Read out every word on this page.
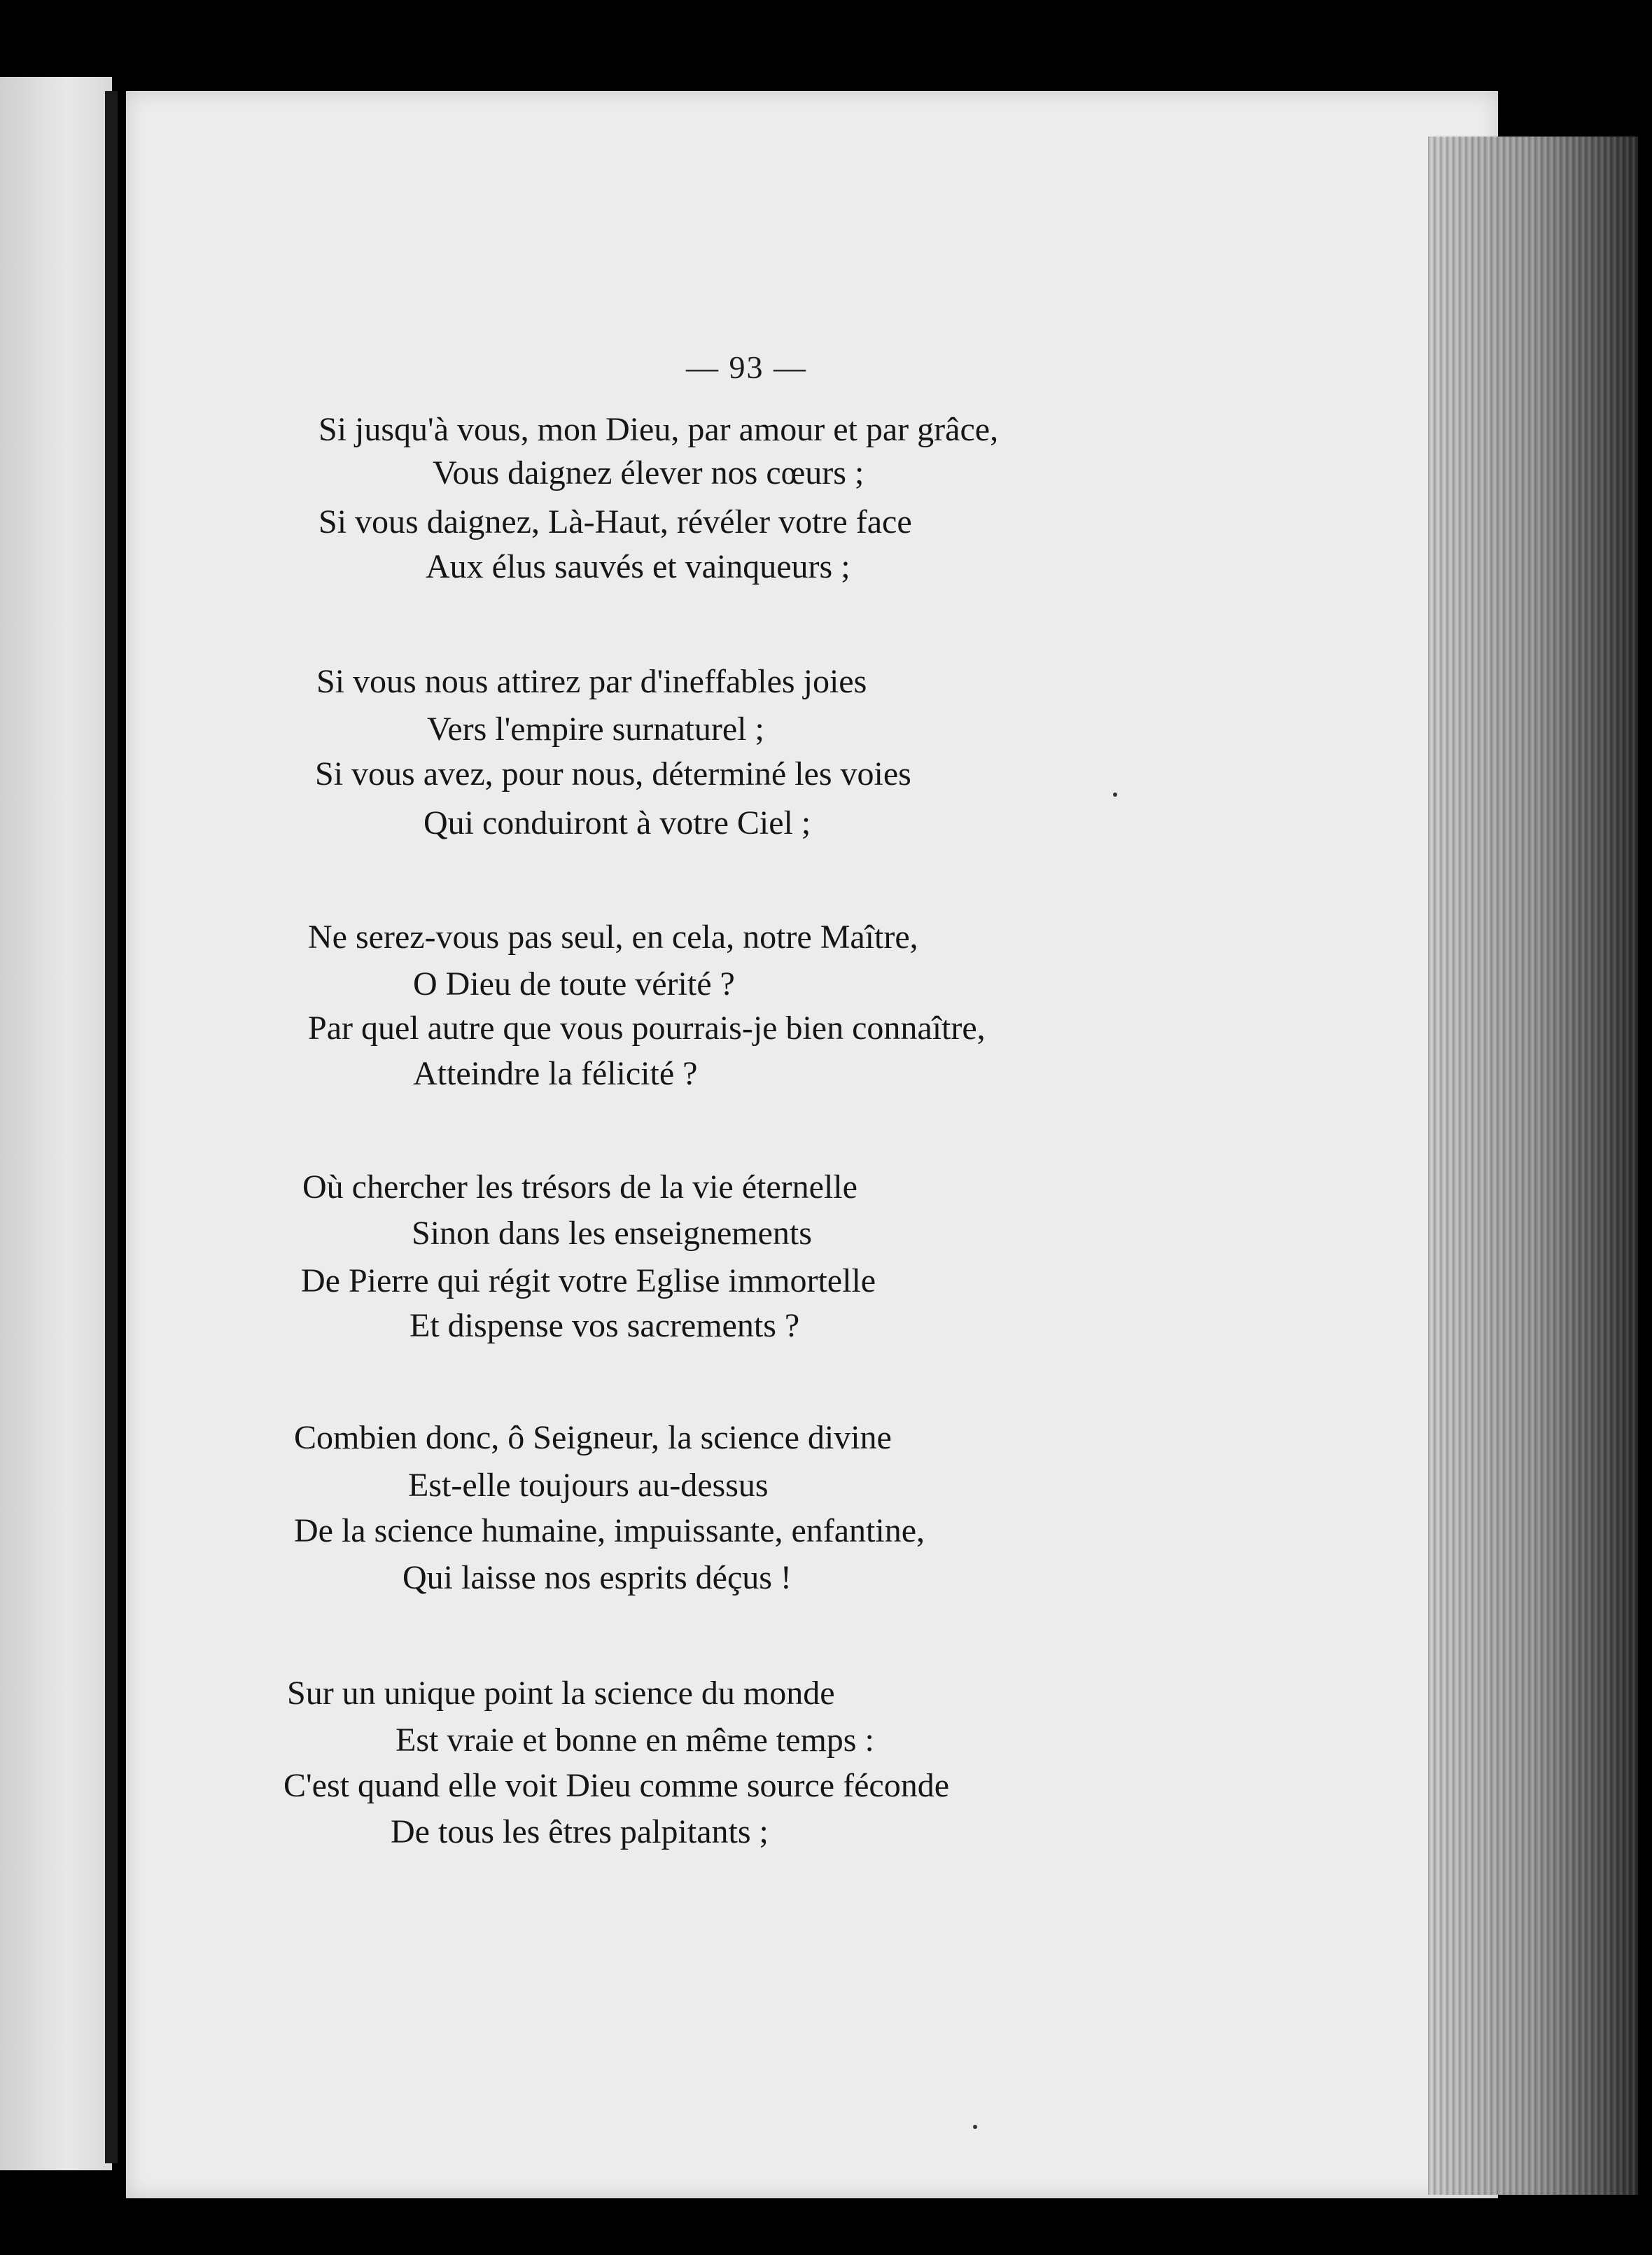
— 93 —
Si jusqu'à vous, mon Dieu, par amour et par grâce,
Vous daignez élever nos cœurs ;
Si vous daignez, Là-Haut, révéler votre face
Aux élus sauvés et vainqueurs ;
Si vous nous attirez par d'ineffables joies
Vers l'empire surnaturel ;
Si vous avez, pour nous, déterminé les voies
Qui conduiront à votre Ciel ;
Ne serez-vous pas seul, en cela, notre Maître,
O Dieu de toute vérité ?
Par quel autre que vous pourrais-je bien connaître,
Atteindre la félicité ?
Où chercher les trésors de la vie éternelle
Sinon dans les enseignements
De Pierre qui régit votre Eglise immortelle
Et dispense vos sacrements ?
Combien donc, ô Seigneur, la science divine
Est-elle toujours au-dessus
De la science humaine, impuissante, enfantine,
Qui laisse nos esprits déçus !
Sur un unique point la science du monde
Est vraie et bonne en même temps :
C'est quand elle voit Dieu comme source féconde
De tous les êtres palpitants ;
